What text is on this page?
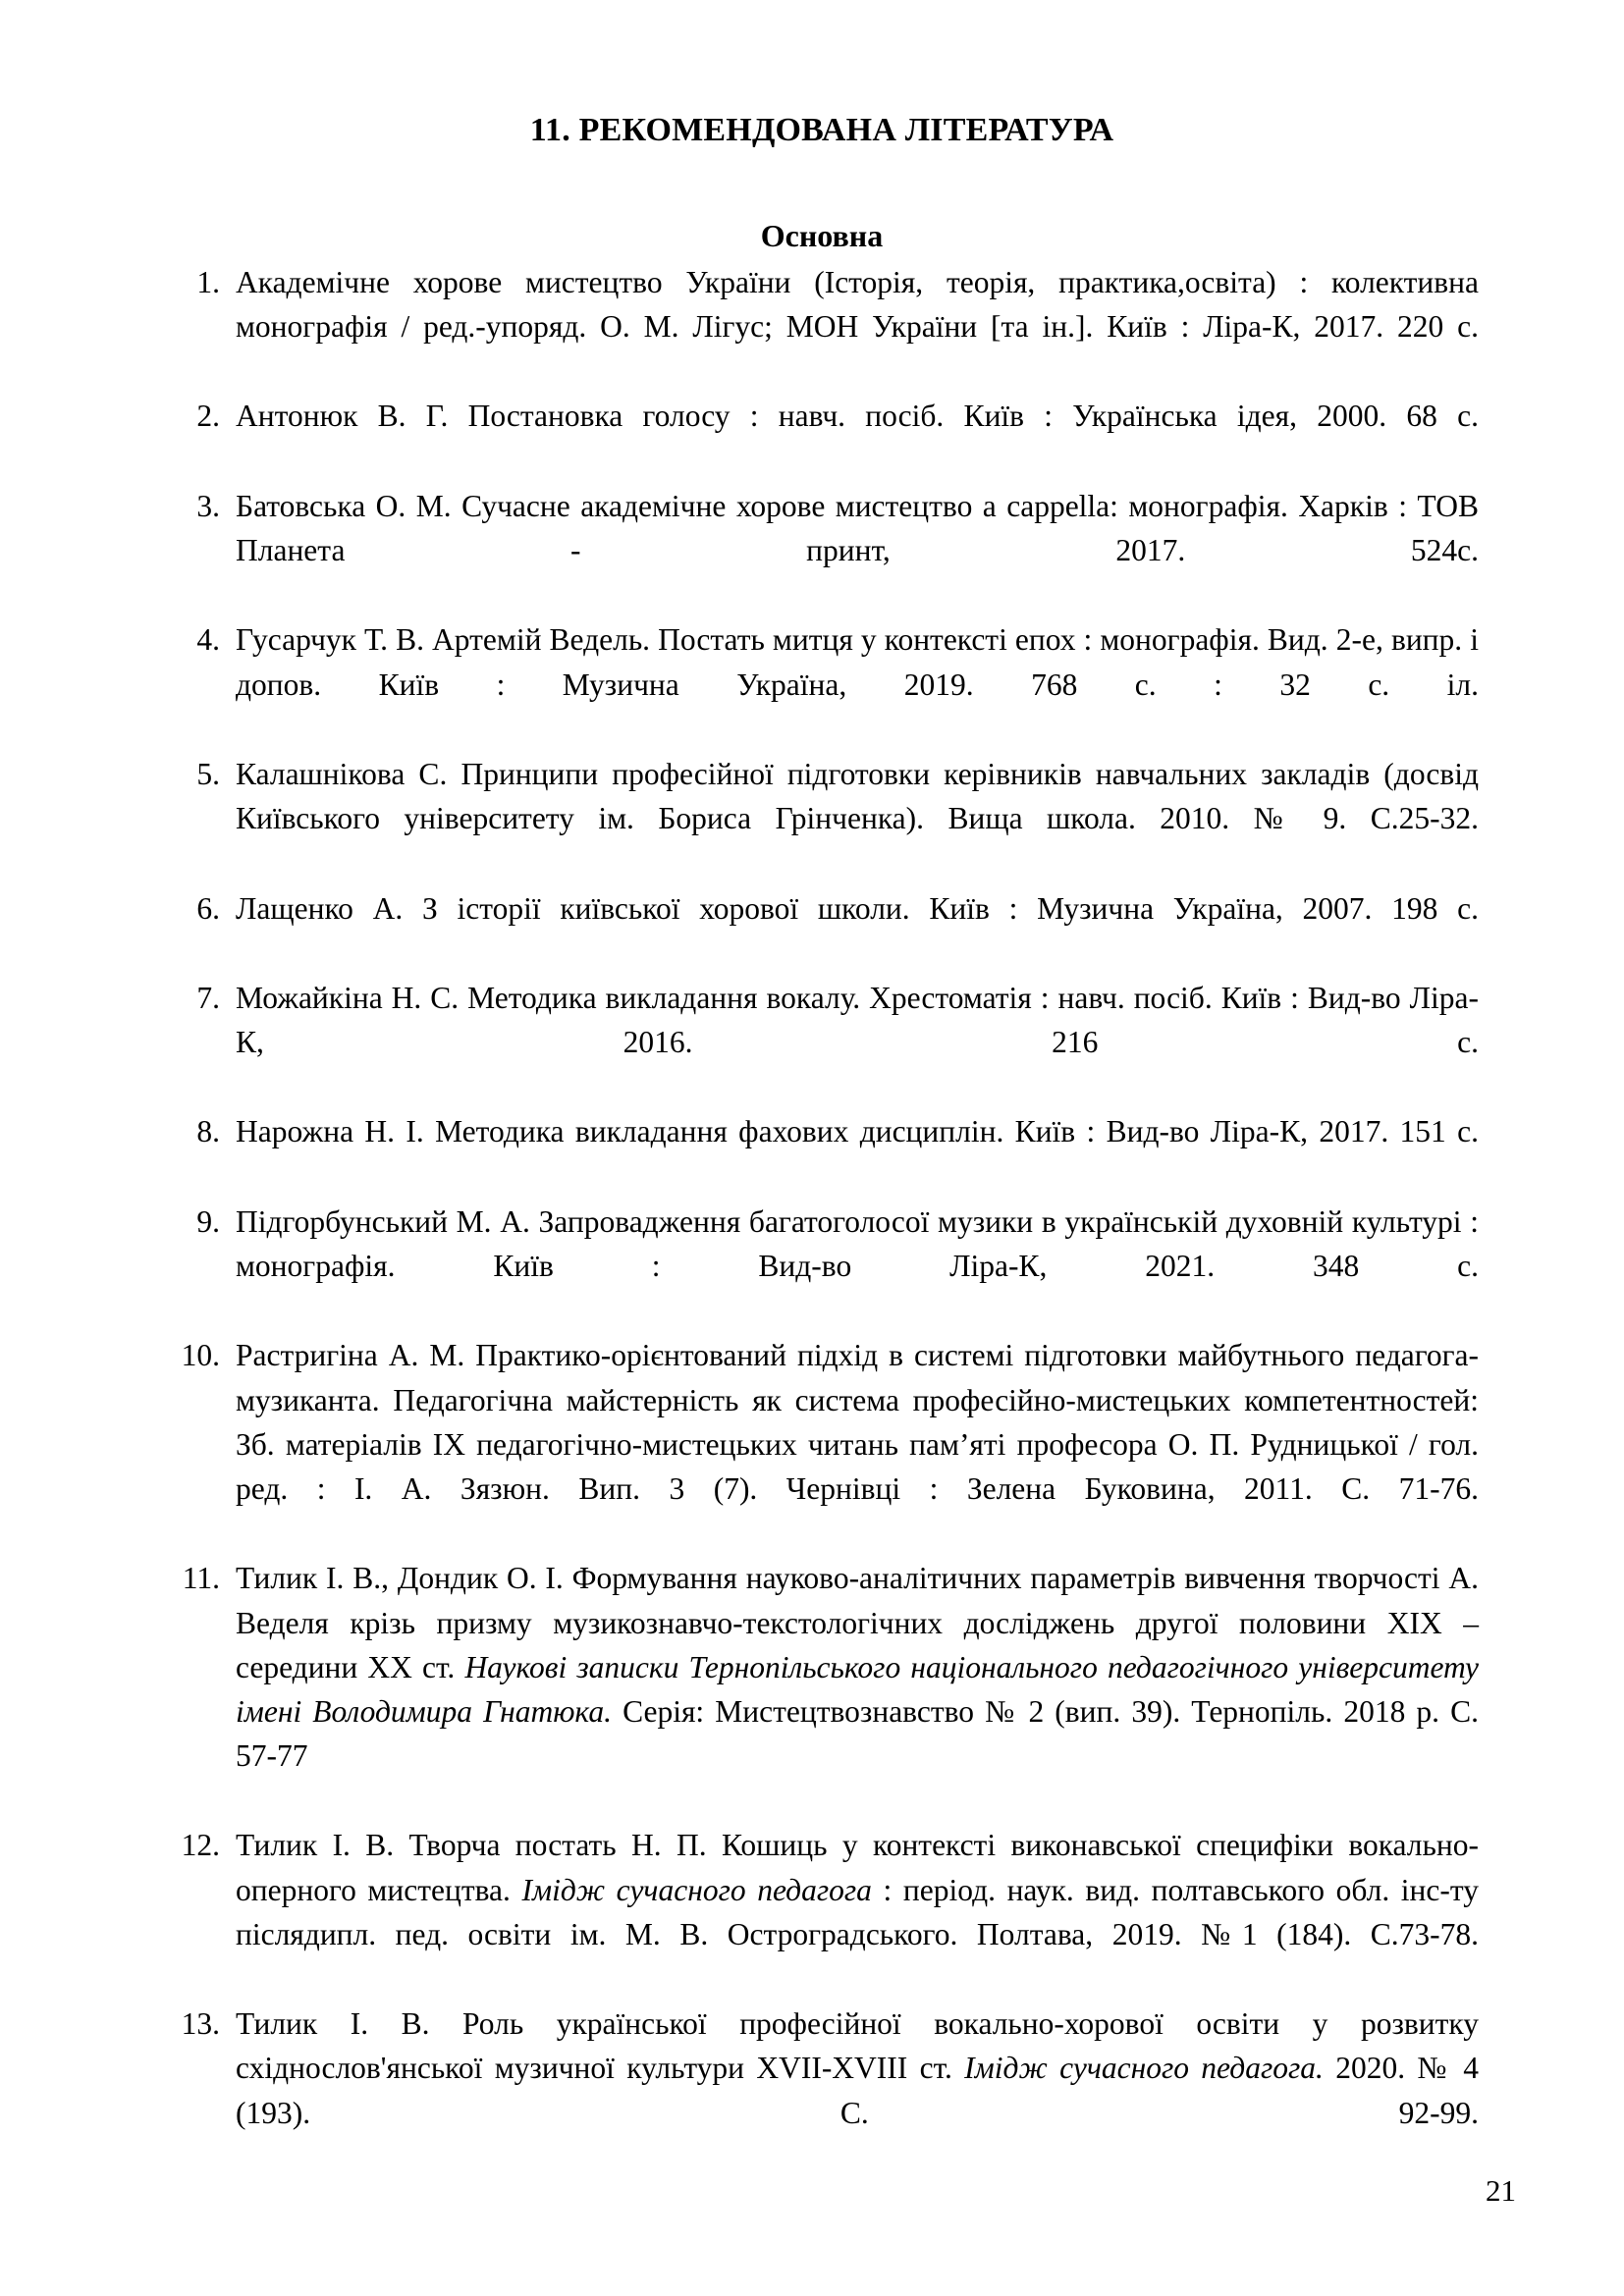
11. РЕКОМЕНДОВАНА ЛІТЕРАТУРА
Основна
Академічне хорове мистецтво України (Історія, теорія, практика,освіта) : колективна монографія / ред.-упоряд. О. М. Лігус; МОН України [та ін.]. Київ : Ліра-К, 2017. 220 с.
Антонюк В. Г. Постановка голосу : навч. посіб. Київ : Українська ідея, 2000. 68 с.
Батовська О. М. Сучасне академічне хорове мистецтво a cappella: монографія. Харків : ТОВ Планета - принт, 2017. 524с.
Гусарчук Т. В. Артемій Ведель. Постать митця у контексті епох : монографія. Вид. 2-е, випр. і допов. Київ : Музична Україна, 2019. 768 с. : 32 с. іл.
Калашнікова С. Принципи професійної підготовки керівників навчальних закладів (досвід Київського університету ім. Бориса Грінченка). Вища школа. 2010. № 9. С.25-32.
Лащенко А. З історії київської хорової школи. Київ : Музична Україна, 2007. 198 с.
Можайкіна Н. С. Методика викладання вокалу. Хрестоматія : навч. посіб. Київ : Вид-во Ліра-К, 2016. 216 с.
Нарожна Н. І. Методика викладання фахових дисциплін. Київ : Вид-во Ліра-К, 2017. 151 с.
Підгорбунський М. А. Запровадження багатоголосої музики в українській духовній культурі : монографія. Київ : Вид-во Ліра-К, 2021. 348 с.
Растригіна А. М. Практико-орієнтований підхід в системі підготовки майбутнього педагога-музиканта. Педагогічна майстерність як система професійно-мистецьких компетентностей: Зб. матеріалів ІХ педагогічно-мистецьких читань пам’яті професора О. П. Рудницької / гол. ред. : І. А. Зязюн. Вип. 3 (7). Чернівці : Зелена Буковина, 2011. С. 71-76.
Тилик І. В., Дондик О. І. Формування науково-аналітичних параметрів вивчення творчості А. Веделя крізь призму музикознавчо-текстологічних досліджень другої половини ХІХ – середини ХХ ст. Наукові записки Тернопільського національного педагогічного університету імені Володимира Гнатюка. Серія: Мистецтвознавство № 2 (вип. 39). Тернопіль. 2018 р. С. 57-77
Тилик І. В. Творча постать Н. П. Кошиць у контексті виконавської специфіки вокально-оперного мистецтва. Імідж сучасного педагога : період. наук. вид. полтавського обл. інс-ту післядипл. пед. освіти ім. М. В. Остроградського. Полтава, 2019. №1 (184). С.73-78.
Тилик І. В. Роль української професійної вокально-хорової освіти у розвитку східнослов'янської музичної культури XVII-XVIII ст. Імідж сучасного педагога. 2020. № 4 (193). С. 92-99.
21
